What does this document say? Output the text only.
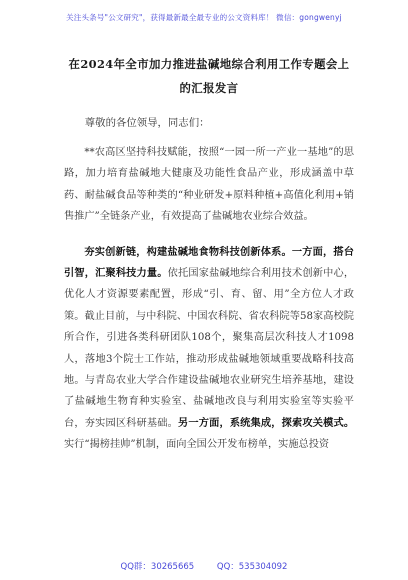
关注头条号"公文研究"，获得最新最全最专业的公文资料库！ 微信：gongwenyj
在2024年全市加力推进盐碱地综合利用工作专题会上的汇报发言
尊敬的各位领导，同志们：

**农高区坚持科技赋能，按照“一园一所一产业一基地”的思路，加力培育盐碱地大健康及功能性食品产业，形成涵盖中草药、耐盐碱食品等种类的“种业研发+原料种植+高值化利用+销售推广”全链条产业，有效提高了盐碱地农业综合效益。

夯实创新链，构建盐碱地食物科技创新体系。一方面，搭台引智，汇聚科技力量。依托国家盐碱地综合利用技术创新中心，优化人才资源要素配置，形成“引、育、留、用”全方位人才政策。截止目前，与中科院、中国农科院、省农科院等58家高校院所合作，引进各类科研团队108个，聚集高层次科技人才1098人，落地3个院士工作站，推动形成盐碱地领域重要战略科技高地。与青岛农业大学合作建设盐碱地农业研究生培养基地，建设了盐碱地生物育种实验室、盐碱地改良与利用实验室等实验平台，夯实园区科研基础。另一方面，系统集成，探索攻关模式。实行“揭榜挂帅”机制，面向全国公开发布榜单，实施总投资

QQ群：30265665	QQ：535304092
